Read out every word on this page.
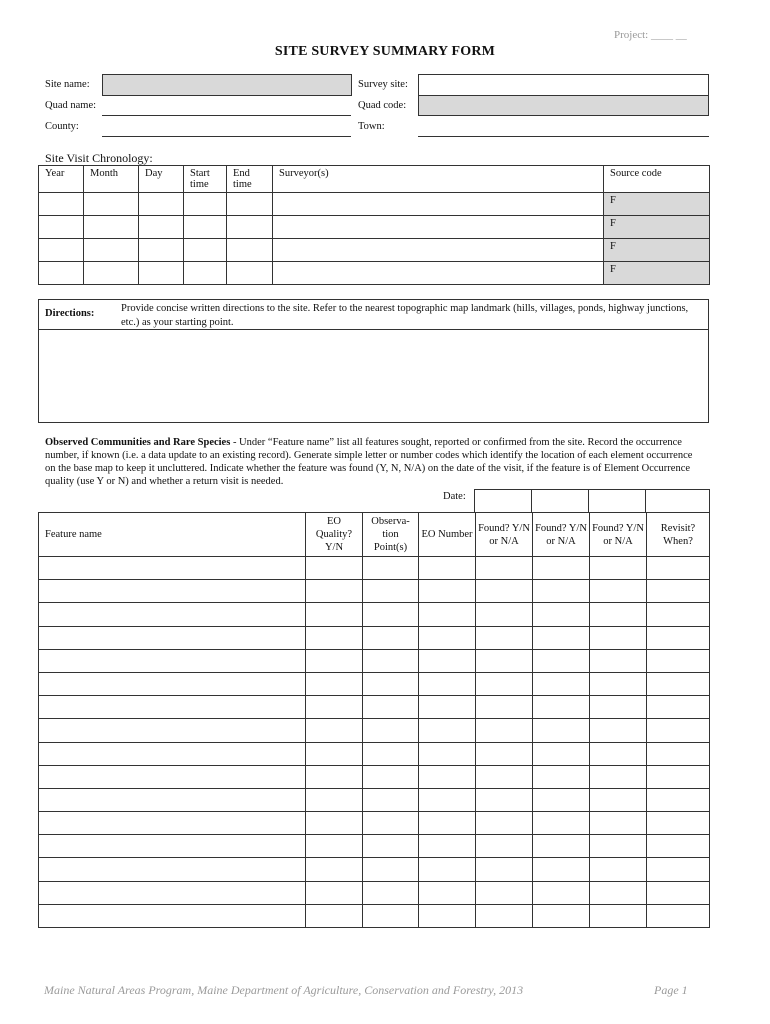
Project: ____ __
SITE SURVEY SUMMARY FORM
Site name:	Survey site:
Quad name:	Quad code:
County:	Town:
Site Visit Chronology:
Year	Month	Day	Start time	End time	Surveyor(s)	Source code
						F
						F
						F
						F
Directions:	Provide concise written directions to the site. Refer to the nearest topographic map landmark (hills, villages, ponds, highway junctions, etc.) as your starting point.
Observed Communities and Rare Species - Under “Feature name” list all features sought, reported or confirmed from the site. Record the occurrence number, if known (i.e. a data update to an existing record). Generate simple letter or number codes which identify the location of each element occurrence on the base map to keep it uncluttered. Indicate whether the feature was found (Y, N, N/A) on the date of the visit, if the feature is of Element Occurrence quality (use Y or N) and whether a return visit is needed.
Date:

Feature name	EO Quality? Y/N	Observa-tion Point(s)	EO Number	Found? Y/N or N/A	Found? Y/N or N/A	Found? Y/N or N/A	Revisit? When?

Maine Natural Areas Program, Maine Department of Agriculture, Conservation and Forestry, 2013	Page 1
